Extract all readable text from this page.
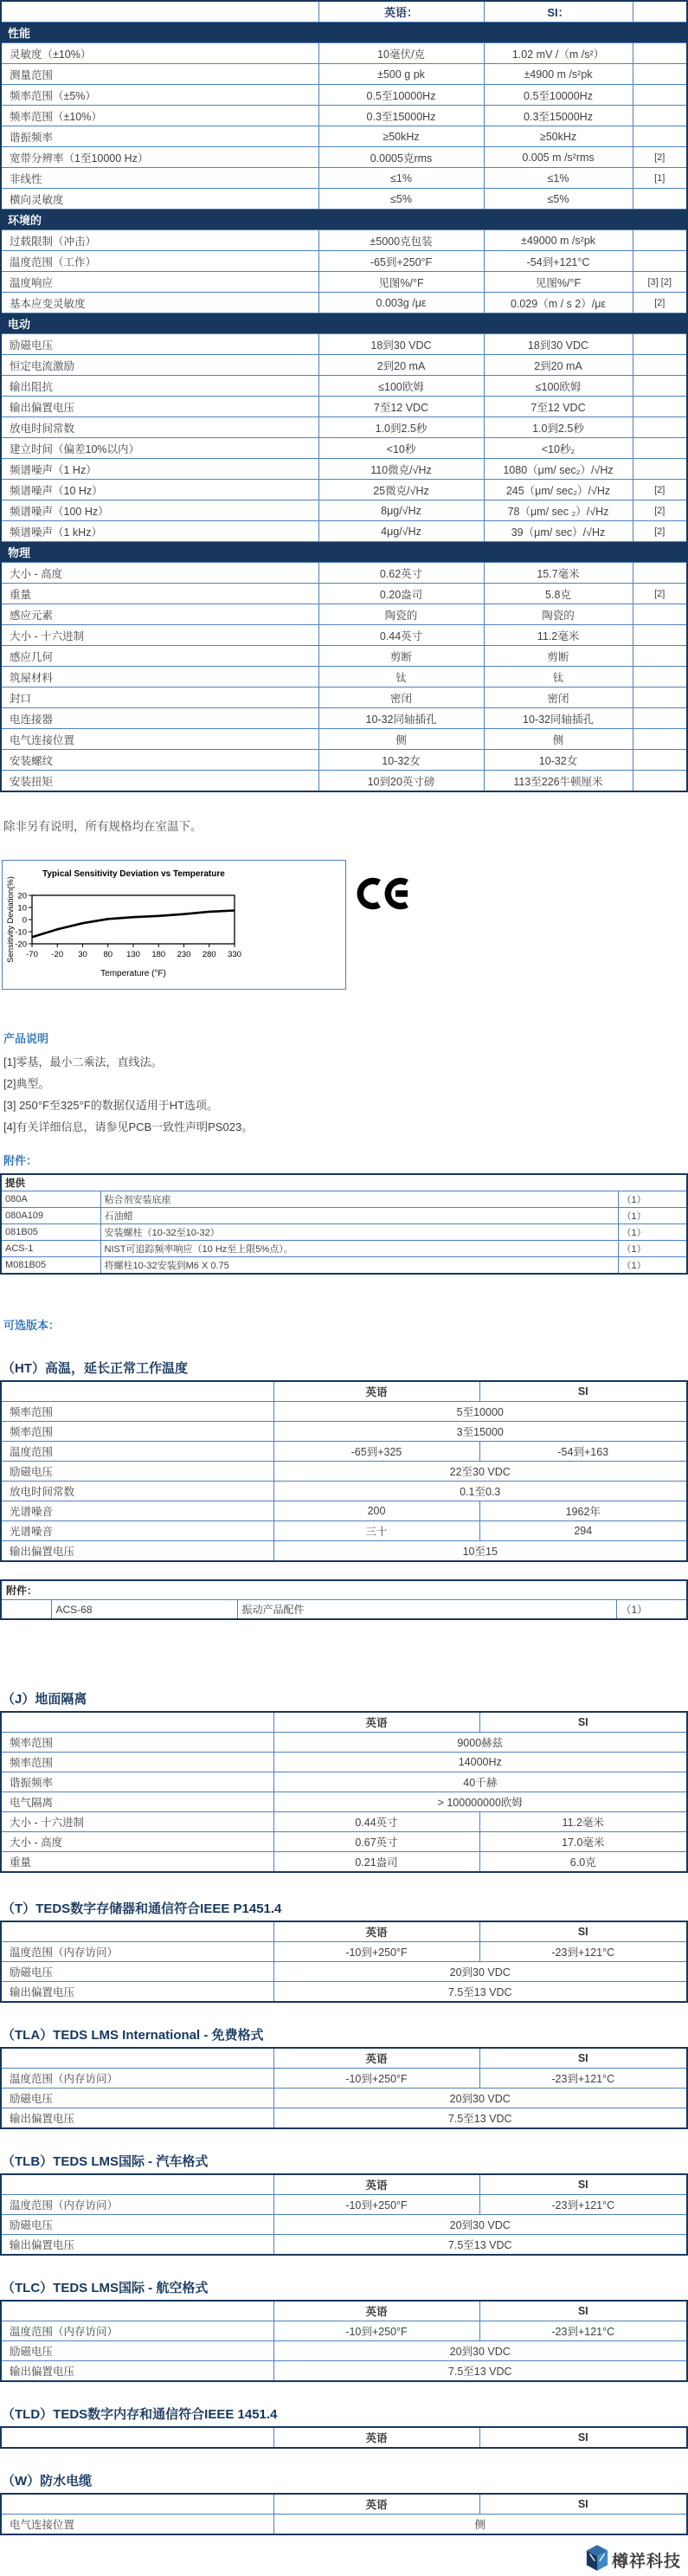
	英语：	SI：	
性能			
灵敏度（±10%）	10毫伏/克	1.02 mV /（m /s²）	
测量范围	±500 g pk	±4900 m /s²pk	
频率范围（±5%）	0.5至10000Hz	0.5至10000Hz	
频率范围（±10%）	0.3至15000Hz	0.3至15000Hz	
谐振频率	≥50kHz	≥50kHz	
宽带分辨率（1至10000 Hz）	0.0005克rms	0.005 m /s²rms	[2]
非线性	≤1%	≤1%	[1]
横向灵敏度	≤5%	≤5%	
环境的			
过载限制（冲击）	±5000克包装	±49000 m /s²pk	
温度范围（工作）	-65到+250°F	-54到+121°C	
温度响应	见图%/°F	见图%/°F	[3] [2]
基本应变灵敏度	0.003g /με	0.029（m / s 2）/με	[2]
电动			
励磁电压	18到30 VDC	18到30 VDC	
恒定电流激励	2到20 mA	2到20 mA	
输出阻抗	≤100欧姆	≤100欧姆	
输出偏置电压	7至12 VDC	7至12 VDC	
放电时间常数	1.0到2.5秒	1.0到2.5秒	
建立时间（偏差10%以内）	<10秒	<10秒₂	
频谱噪声（1 Hz）	110微克/√Hz	1080（μm/ sec₂）/√Hz	
频谱噪声（10 Hz）	25微克/√Hz	245（μm/ sec₂）/√Hz	[2]
频谱噪声（100 Hz）	8μg/√Hz	78（μm/ sec ₂）/√Hz	[2]
频谱噪声（1 kHz）	4μg/√Hz	39（μm/ sec）/√Hz	[2]
物理			
大小 - 高度	0.62英寸	15.7毫米	
重量	0.20盎司	5.8克	[2]
感应元素	陶瓷的	陶瓷的	
大小 - 十六进制	0.44英寸	11.2毫米	
感应几何	剪断	剪断	
筑屋材料	钛	钛	
封口	密闭	密闭	
电连接器	10-32同轴插孔	10-32同轴插孔	
电气连接位置	侧	侧	
安装螺纹	10-32女	10-32女	
安装扭矩	10到20英寸磅	113至226牛顿厘米	
除非另有说明，所有规格均在室温下。
Typical Sensitivity Deviation vs Temperature
Sensitivity Deviation(%) 20
10
0
-10
-20
-70 -20 30 80 130 180 230 280 330
Temperature (°F)
产品说明
[1]零基，最小二乘法，直线法。
[2]典型。
[3] 250°F至325°F的数据仅适用于HT选项。
[4]有关详细信息，请参见PCB一致性声明PS023。
附件：
提供		
080A	粘合剂安装底座	（1）
080A109	石油蜡	（1）
081B05	安装螺柱（10-32至10-32）	（1）
ACS-1	NIST可追踪频率响应（10 Hz至上限5%点）。	（1）
M081B05	将螺柱10-32安装到M6 X 0.75	（1）
可选版本：
（HT）高温，延长正常工作温度
	英语	SI
频率范围	5至10000	
频率范围	3至15000	
温度范围	-65到+325	-54到+163
励磁电压	22至30 VDC	
放电时间常数	0.1至0.3	
光谱噪音	200	1962年
光谱噪音	三十	294
输出偏置电压	10至15	
附件：
	ACS-68	振动产品配件	（1）
（J）地面隔离
	英语	SI
频率范围	9000赫兹	
频率范围	14000Hz	
谐振频率	40千赫	
电气隔离	> 100000000欧姆	
大小 - 十六进制	0.44英寸	11.2毫米
大小 - 高度	0.67英寸	17.0毫米
重量	0.21盎司	6.0克
（T）TEDS数字存储器和通信符合IEEE P1451.4
	英语	SI
温度范围（内存访问）	-10到+250°F	-23到+121°C
励磁电压	20到30 VDC	
输出偏置电压	7.5至13 VDC	
（TLA）TEDS LMS International - 免费格式
	英语	SI
温度范围（内存访问）	-10到+250°F	-23到+121°C
励磁电压	20到30 VDC	
输出偏置电压	7.5至13 VDC	
（TLB）TEDS LMS国际 - 汽车格式
	英语	SI
温度范围（内存访问）	-10到+250°F	-23到+121°C
励磁电压	20到30 VDC	
输出偏置电压	7.5至13 VDC	
（TLC）TEDS LMS国际 - 航空格式
	英语	SI
温度范围（内存访问）	-10到+250°F	-23到+121°C
励磁电压	20到30 VDC	
输出偏置电压	7.5至13 VDC	
（TLD）TEDS数字内存和通信符合IEEE 1451.4
	英语	SI
（W）防水电缆
	英语	SI
电气连接位置	侧	
樽祥科技
